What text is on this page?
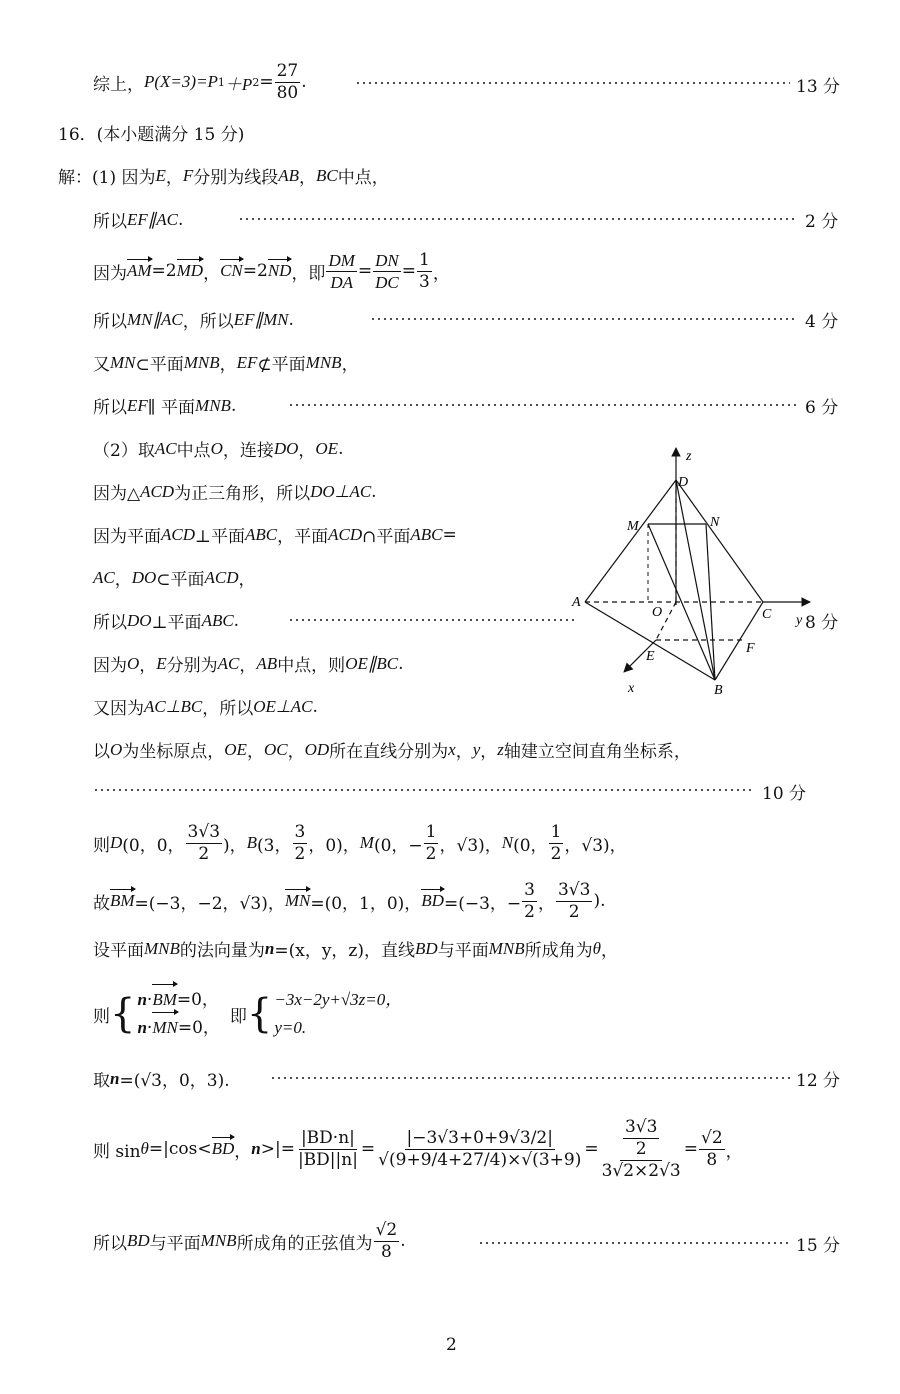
综上， P(X=3)=P 1 ＋P $2 = \frac{27}{80}$ .	13 分
16．(本小题满分 15 分)
解：(1) 因为 E ， F 分别为线段 AB ， BC 中点，
所以 EF∥AC .	2 分
因为 AM =2 MD ， CN =2 ND ，即 $\frac{DM}{DA} = \frac{DN}{DC} = \frac{1}{3}$ ，
所以 MN∥AC ，所以 EF∥MN .	4 分
又 MN ⊂平面 MNB ， EF ⊄平面 MNB ，
所以 EF ∥ 平面 MNB .	6 分
（2）取 AC 中点 O ，连接 DO ， OE .
因为△ ACD 为正三角形，所以 DO⊥AC .
因为平面 ACD ⊥平面 ABC ，平面 ACD ∩平面 ABC =
AC ， DO ⊂平面 ACD ，
所以 DO ⊥平面 ABC .	8 分
因为 O ， E 分别为 AC ， AB 中点，则 OE∥BC .
又因为 AC⊥BC ，所以 OE⊥AC .
以 O 为坐标原点， OE ， OC ， OD 所在直线分别为 x ， y ， z 轴建立空间直角坐标系，
10 分
则 D (0，0， $\frac{3√3}{2}$ )， B (3， $\frac{3}{2}$ ，0)， M (0，− $\frac{1}{2}$ ，√3)， N (0， $\frac{1}{2}$ ，√3)，
故 BM =(−3，−2，√3)， MN =(0，1，0)， BD =(−3，− $\frac{3}{2}$ ， $\frac{3√3}{2}$ ).
设平面 MNB 的法向量为 n =(x，y，z)，直线 BD 与平面 MNB 所成角为 θ ，
则 { n·BM=0，
n·MN=0，
即 { −3x−2y+√3z=0，
y=0.
取 n =(√3，0，3).	12 分
则 sin θ =|cos< BD ， n >|= $\frac{|BD\cdot n|}{|BD||n|} = \frac{|-3√3+0+9√3/2|}{√(9+9/4+27/4)\times√(3+9)} = \frac{\frac{3√3}{2}}{3√2\times 2√3} = \frac{√2}{8}$ ，
所以 BD 与平面 MNB 所成角的正弦值为 $\frac{√2}{8}$ .	15 分
2
z
D
M	N
A
O	C y
E
F
x	B
